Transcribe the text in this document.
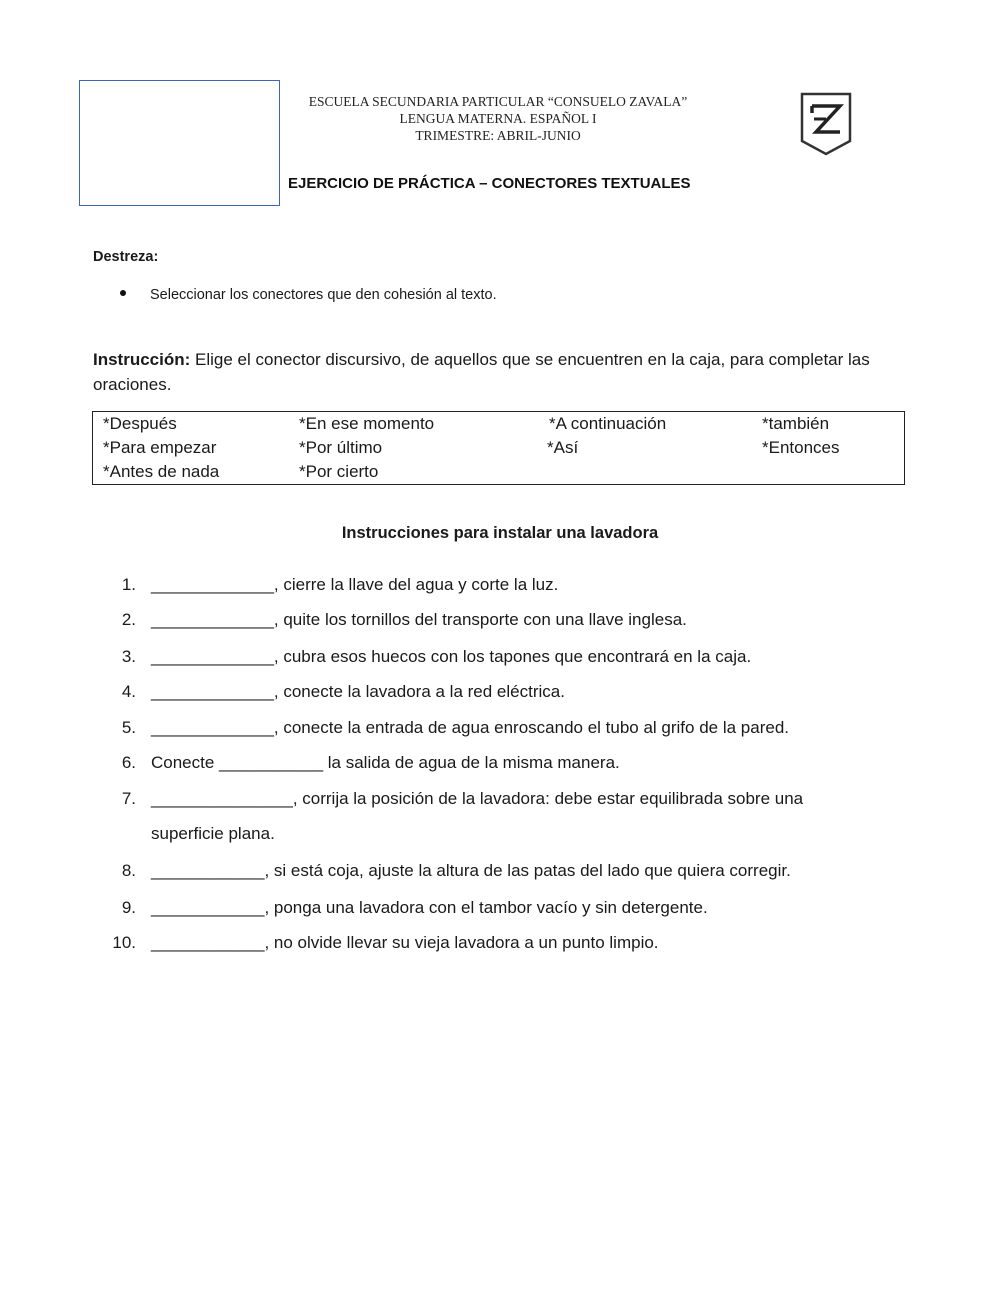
ESCUELA SECUNDARIA PARTICULAR “CONSUELO ZAVALA”
LENGUA MATERNA. ESPAÑOL I
TRIMESTRE: ABRIL-JUNIO
Z
EJERCICIO DE PRÁCTICA – CONECTORES TEXTUALES
Destreza:
Seleccionar los conectores que den cohesión al texto.
Instrucción: Elige el conector discursivo, de aquellos que se encuentren en la caja, para completar las oraciones.
*Después	*En ese momento	*A continuación	*también
*Para empezar	*Por último	*Así	*Entonces
*Antes de nada	*Por cierto
Instrucciones para instalar una lavadora
1. _____________, cierre la llave del agua y corte la luz.
2. _____________, quite los tornillos del transporte con una llave inglesa.
3. _____________, cubra esos huecos con los tapones que encontrará en la caja.
4. _____________, conecte la lavadora a la red eléctrica.
5. _____________, conecte la entrada de agua enroscando el tubo al grifo de la pared.
6. Conecte ___________ la salida de agua de la misma manera.
7. _______________, corrija la posición de la lavadora: debe estar equilibrada sobre una
superficie plana.
8. ____________, si está coja, ajuste la altura de las patas del lado que quiera corregir.
9. ____________, ponga una lavadora con el tambor vacío y sin detergente.
10. ____________, no olvide llevar su vieja lavadora a un punto limpio.
